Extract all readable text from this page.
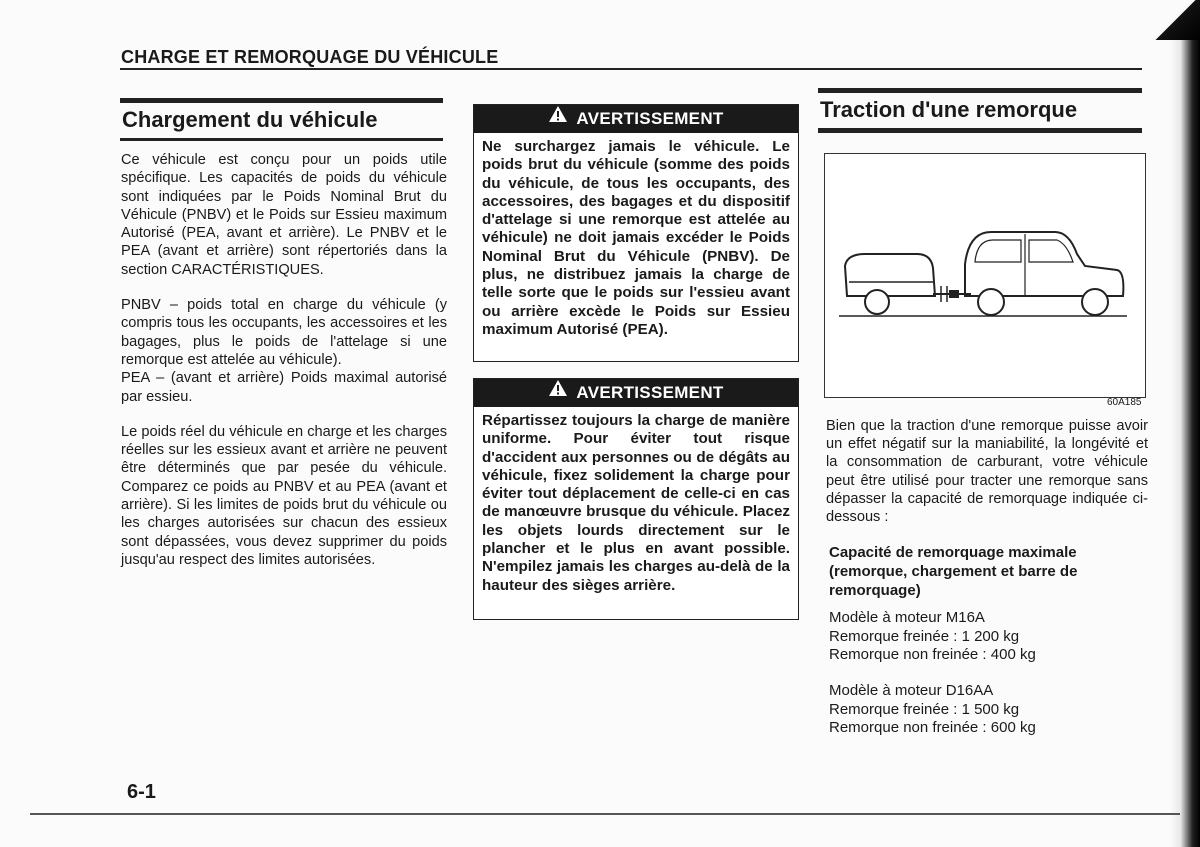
CHARGE ET REMORQUAGE DU VÉHICULE
Chargement du véhicule

Ce véhicule est conçu pour un poids utile spécifique. Les capacités de poids du véhicule sont indiquées par le Poids Nominal Brut du Véhicule (PNBV) et le Poids sur Essieu maximum Autorisé (PEA, avant et arrière). Le PNBV et le PEA (avant et arrière) sont répertoriés dans la section CARACTÉRISTIQUES.

PNBV – poids total en charge du véhicule (y compris tous les occupants, les accessoires et les bagages, plus le poids de l'attelage si une remorque est attelée au véhicule).

PEA – (avant et arrière) Poids maximal autorisé par essieu.

Le poids réel du véhicule en charge et les charges réelles sur les essieux avant et arrière ne peuvent être déterminés que par pesée du véhicule. Comparez ce poids au PNBV et au PEA (avant et arrière). Si les limites de poids brut du véhicule ou les charges autorisées sur chacun des essieux sont dépassées, vous devez supprimer du poids jusqu'au respect des limites autorisées.

AVERTISSEMENT
Ne surchargez jamais le véhicule. Le poids brut du véhicule (somme des poids du véhicule, de tous les occupants, des accessoires, des bagages et du dispositif d'attelage si une remorque est attelée au véhicule) ne doit jamais excéder le Poids Nominal Brut du Véhicule (PNBV). De plus, ne distribuez jamais la charge de telle sorte que le poids sur l'essieu avant ou arrière excède le Poids sur Essieu maximum Autorisé (PEA).
AVERTISSEMENT
Répartissez toujours la charge de manière uniforme. Pour éviter tout risque d'accident aux personnes ou de dégâts au véhicule, fixez solidement la charge pour éviter tout déplacement de celle-ci en cas de manœuvre brusque du véhicule. Placez les objets lourds directement sur le plancher et le plus en avant possible. N'empilez jamais les charges au-delà de la hauteur des sièges arrière.
Traction d'une remorque
60A185

Bien que la traction d'une remorque puisse avoir un effet négatif sur la maniabilité, la longévité et la consommation de carburant, votre véhicule peut être utilisé pour tracter une remorque sans dépasser la capacité de remorquage indiquée ci-dessous :

Capacité de remorquage maximale (remorque, chargement et barre de remorquage)
Modèle à moteur M16A
Remorque freinée : 1 200 kg
Remorque non freinée : 400 kg
Modèle à moteur D16AA
Remorque freinée : 1 500 kg
Remorque non freinée : 600 kg
6-1
